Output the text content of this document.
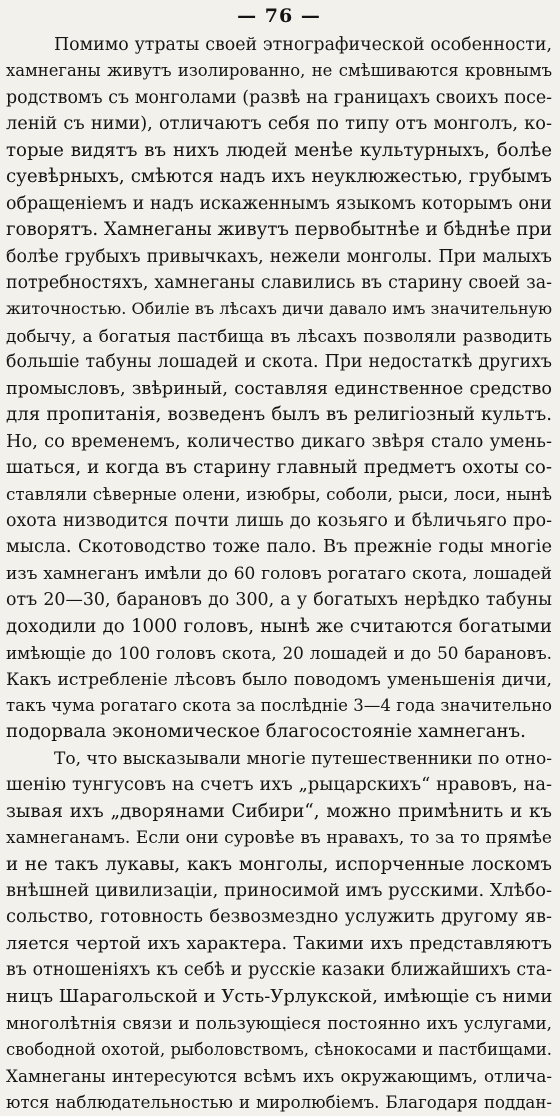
— 76 —
Помимо утраты своей этнографической особенности,
хамнеганы живутъ изолированно, не смѣшиваются кровнымъ
родствомъ съ монголами (развѣ на границахъ своихъ посе-
леній съ ними), отличаютъ себя по типу отъ монголъ, ко-
торые видятъ въ нихъ людей менѣе культурныхъ, болѣе
суевѣрныхъ, смѣются надъ ихъ неуклюжестью, грубымъ
обращеніемъ и надъ искаженнымъ языкомъ которымъ они
говорятъ. Хамнеганы живутъ первобытнѣе и бѣднѣе при
болѣе грубыхъ привычкахъ, нежели монголы. При малыхъ
потребностяхъ, хамнеганы славились въ старину своей за-
житочностью. Обиліе въ лѣсахъ дичи давало имъ значительную
добычу, а богатыя пастбища въ лѣсахъ позволяли разводить
большіе табуны лошадей и скота. При недостаткѣ другихъ
промысловъ, звѣриный, составляя единственное средство
для пропитанія, возведенъ былъ въ религіозный культъ.
Но, со временемъ, количество дикаго звѣря стало умень-
шаться, и когда въ старину главный предметъ охоты со-
ставляли сѣверные олени, изюбры, соболи, рыси, лоси, нынѣ
охота низводится почти лишь до козьяго и бѣличьяго про-
мысла. Скотоводство тоже пало. Въ прежніе годы многіе
изъ хамнеганъ имѣли до 60 головъ рогатаго скота, лошадей
отъ 20—30, барановъ до 300, а у богатыхъ нерѣдко табуны
доходили до 1000 головъ, нынѣ же считаются богатыми
имѣющіе до 100 головъ скота, 20 лошадей и до 50 барановъ.
Какъ истребленіе лѣсовъ было поводомъ уменьшенія дичи,
такъ чума рогатаго скота за послѣдніе 3—4 года значительно
подорвала экономическое благосостояніе хамнеганъ.
То, что высказывали многіе путешественники по отно-
шенію тунгусовъ на счетъ ихъ „рыцарскихъ“ нравовъ, на-
зывая ихъ „дворянами Сибири“, можно примѣнить и къ
хамнеганамъ. Если они суровѣе въ нравахъ, то за то прямѣе
и не такъ лукавы, какъ монголы, испорченные лоскомъ
внѣшней цивилизаціи, приносимой имъ русскими. Хлѣбо-
сольство, готовность безвозмездно услужить другому яв-
ляется чертой ихъ характера. Такими ихъ представляютъ
въ отношеніяхъ къ себѣ и русскіе казаки ближайшихъ ста-
ницъ Шарагольской и Усть-Урлукской, имѣющіе съ ними
многолѣтнія связи и пользующіеся постоянно ихъ услугами,
свободной охотой, рыболовствомъ, сѣнокосами и пастбищами.
Хамнеганы интересуются всѣмъ ихъ окружающимъ, отлича-
ются наблюдательностью и миролюбіемъ. Благодаря поддан-
